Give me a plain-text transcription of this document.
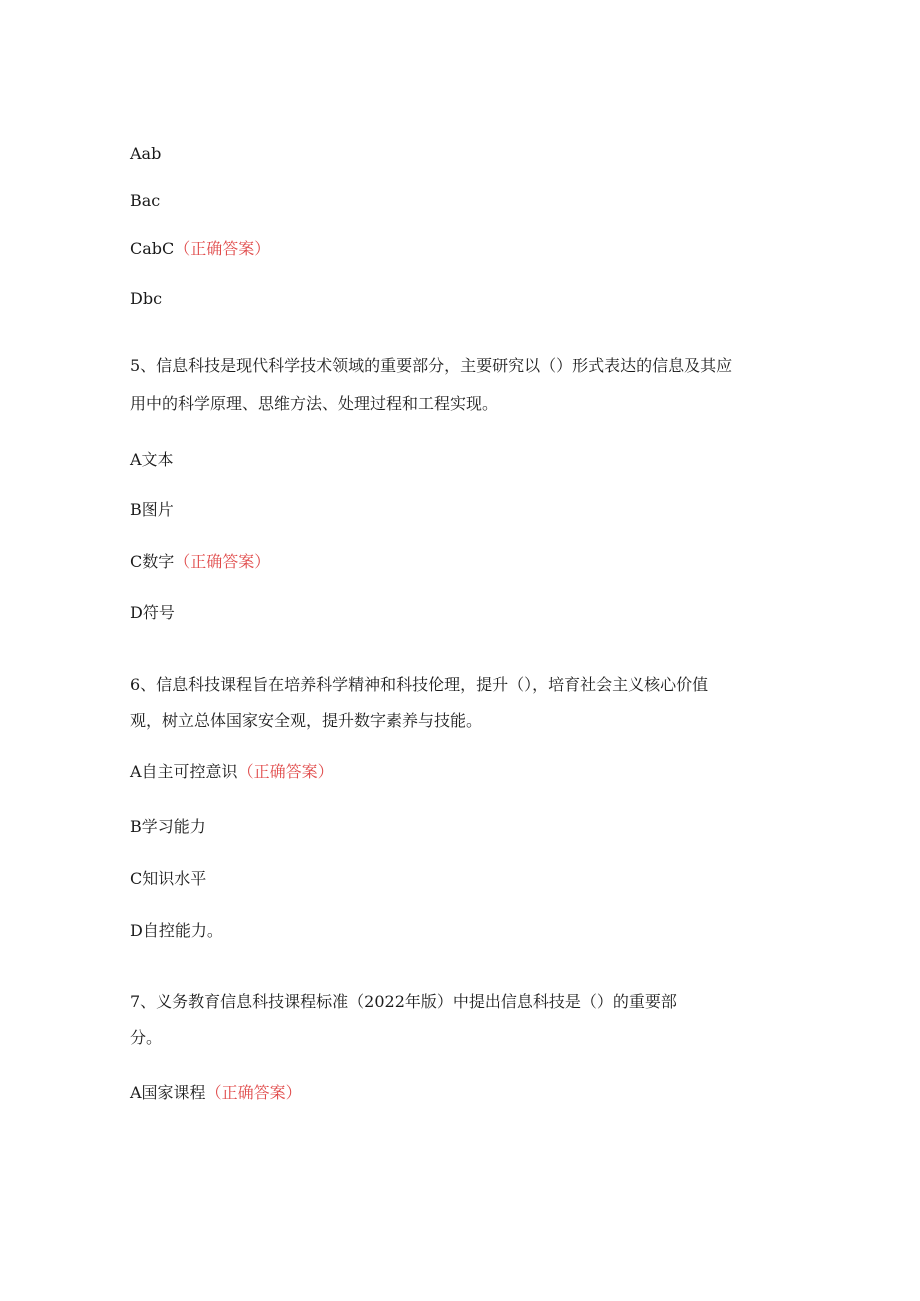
Aab
Bac
CabC（正确答案）
Dbc
5、信息科技是现代科学技术领域的重要部分，主要研究以（）形式表达的信息及其应
用中的科学原理、思维方法、处理过程和工程实现。
A文本
B图片
C数字（正确答案）
D符号
6、信息科技课程旨在培养科学精神和科技伦理，提升（），培育社会主义核心价值
观，树立总体国家安全观，提升数字素养与技能。
A自主可控意识（正确答案）
B学习能力
C知识水平
D自控能力。
7、义务教育信息科技课程标准（2022年版）中提出信息科技是（）的重要部
分。
A国家课程（正确答案）
